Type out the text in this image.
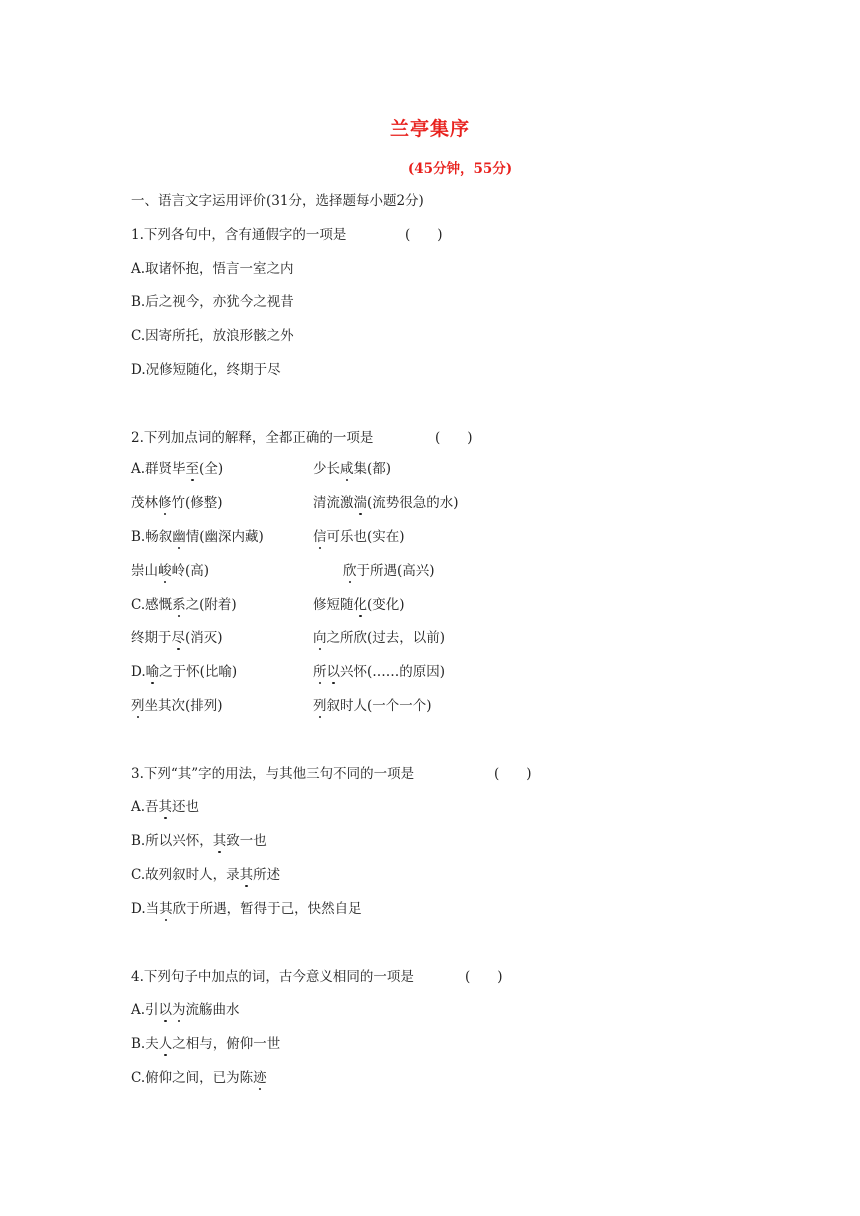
兰亭集序
(45分钟，55分)
一、语言文字运用评价(31分，选择题每小题2分)
1.下列各句中，含有通假字的一项是	(　　)
A.取诸怀抱，悟言一室之内
B.后之视今，亦犹今之视昔
C.因寄所托，放浪形骸之外
D.况修短随化，终期于尽
2.下列加点词的解释，全都正确的一项是	(　　)
A.群贤毕至(全)	少长咸集(都)
茂林修竹(修整)	清流激湍(流势很急的水)
B.畅叙幽情(幽深内藏)	信可乐也(实在)
崇山峻岭(高)	欣于所遇(高兴)
C.感慨系之(附着)	修短随化(变化)
终期于尽(消灭)	向之所欣(过去，以前)
D.喻之于怀(比喻)	所以兴怀(……的原因)
列坐其次(排列)	列叙时人(一个一个)
3.下列“其”字的用法，与其他三句不同的一项是	(　　)
A.吾其还也
B.所以兴怀，其致一也
C.故列叙时人，录其所述
D.当其欣于所遇，暂得于己，快然自足
4.下列句子中加点的词，古今意义相同的一项是	(　　)
A.引以为流觞曲水
B.夫人之相与，俯仰一世
C.俯仰之间，已为陈迹
